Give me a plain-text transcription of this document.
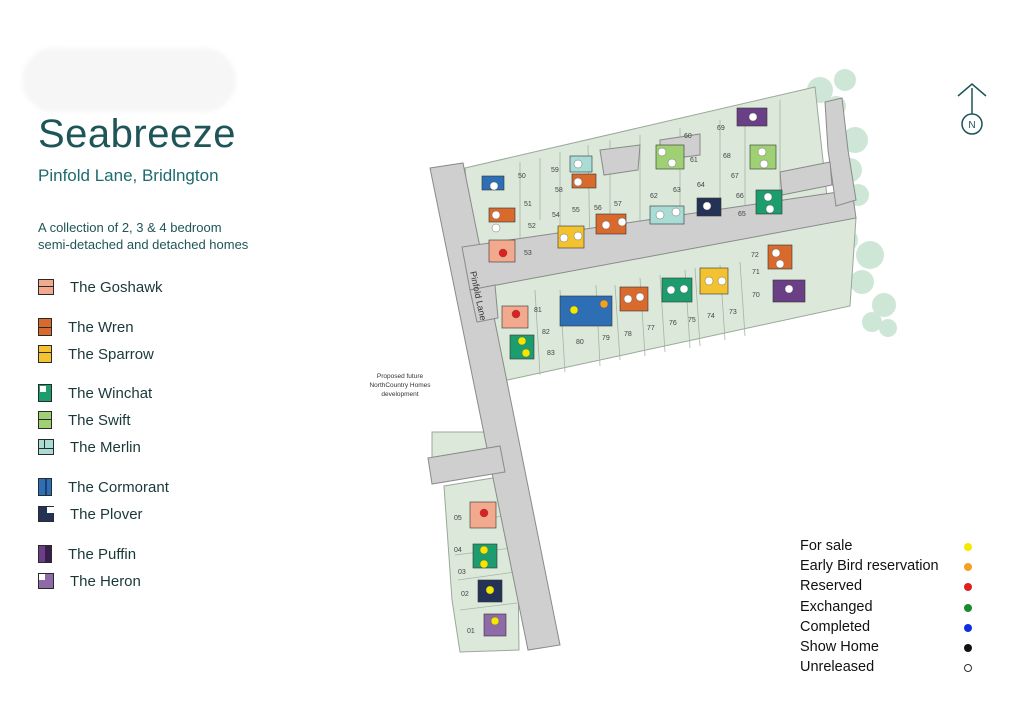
Seabreeze

Pinfold Lane, Bridlngton

A collection of 2, 3 & 4 bedroom

semi-detached and detached homes

The Goshawk
The Wren
The Sparrow
The Winchat
The Swift
The Merlin
The Cormorant
The Plover
The Puffin
The Heron
Pinfold Lane
Proposed future
NorthCountry Homes
development
50
51
52
53
54
55 56
57
58
59
60
61
62
63
64
65
66
67
68
69
70
71
72
73
74
75
76
77
78
79
80
81
82
83
01
02
03
04
05
N
For sale
Early Bird reservation
Reserved
Exchanged
Completed
Show Home
Unreleased
